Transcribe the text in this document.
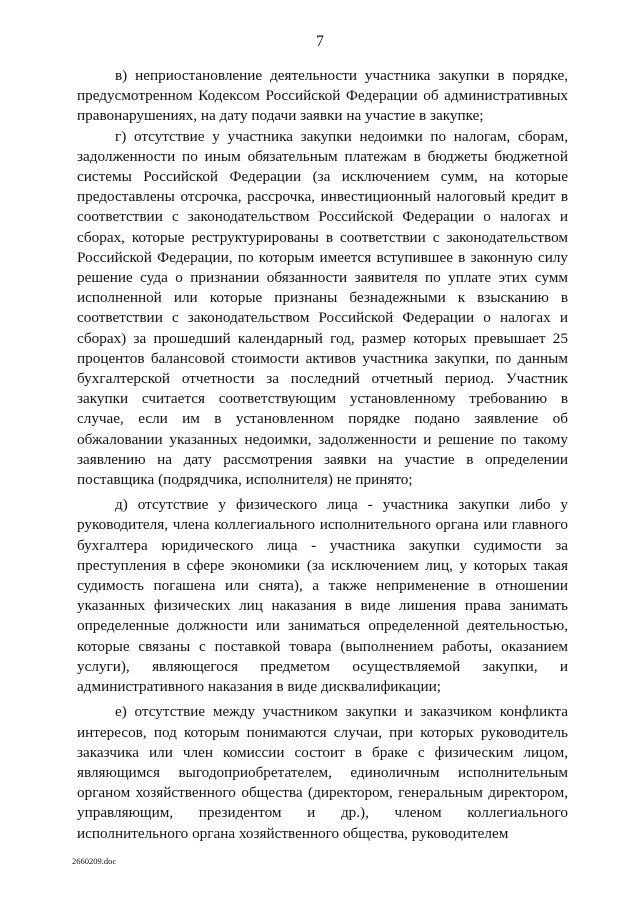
7

в) неприостановление деятельности участника закупки в порядке, предусмотренном Кодексом Российской Федерации об административных правонарушениях, на дату подачи заявки на участие в закупке;

г) отсутствие у участника закупки недоимки по налогам, сборам, задолженности по иным обязательным платежам в бюджеты бюджетной системы Российской Федерации (за исключением сумм, на которые предоставлены отсрочка, рассрочка, инвестиционный налоговый кредит в соответствии с законодательством Российской Федерации о налогах и сборах, которые реструктурированы в соответствии с законодательством Российской Федерации, по которым имеется вступившее в законную силу решение суда о признании обязанности заявителя по уплате этих сумм исполненной или которые признаны безнадежными к взысканию в соответствии с законодательством Российской Федерации о налогах и сборах) за прошедший календарный год, размер которых превышает 25 процентов балансовой стоимости активов участника закупки, по данным бухгалтерской отчетности за последний отчетный период. Участник закупки считается соответствующим установленному требованию в случае, если им в установленном порядке подано заявление об обжаловании указанных недоимки, задолженности и решение по такому заявлению на дату рассмотрения заявки на участие в определении поставщика (подрядчика, исполнителя) не принято;

д) отсутствие у физического лица - участника закупки либо у руководителя, члена коллегиального исполнительного органа или главного бухгалтера юридического лица - участника закупки судимости за преступления в сфере экономики (за исключением лиц, у которых такая судимость погашена или снята), а также неприменение в отношении указанных физических лиц наказания в виде лишения права занимать определенные должности или заниматься определенной деятельностью, которые связаны с поставкой товара (выполнением работы, оказанием услуги), являющегося предметом осуществляемой закупки, и административного наказания в виде дисквалификации;

е) отсутствие между участником закупки и заказчиком конфликта интересов, под которым понимаются случаи, при которых руководитель заказчика или член комиссии состоит в браке с физическим лицом, являющимся выгодоприобретателем, единоличным исполнительным органом хозяйственного общества (директором, генеральным директором, управляющим, президентом и др.), членом коллегиального исполнительного органа хозяйственного общества, руководителем

2660209.doc
